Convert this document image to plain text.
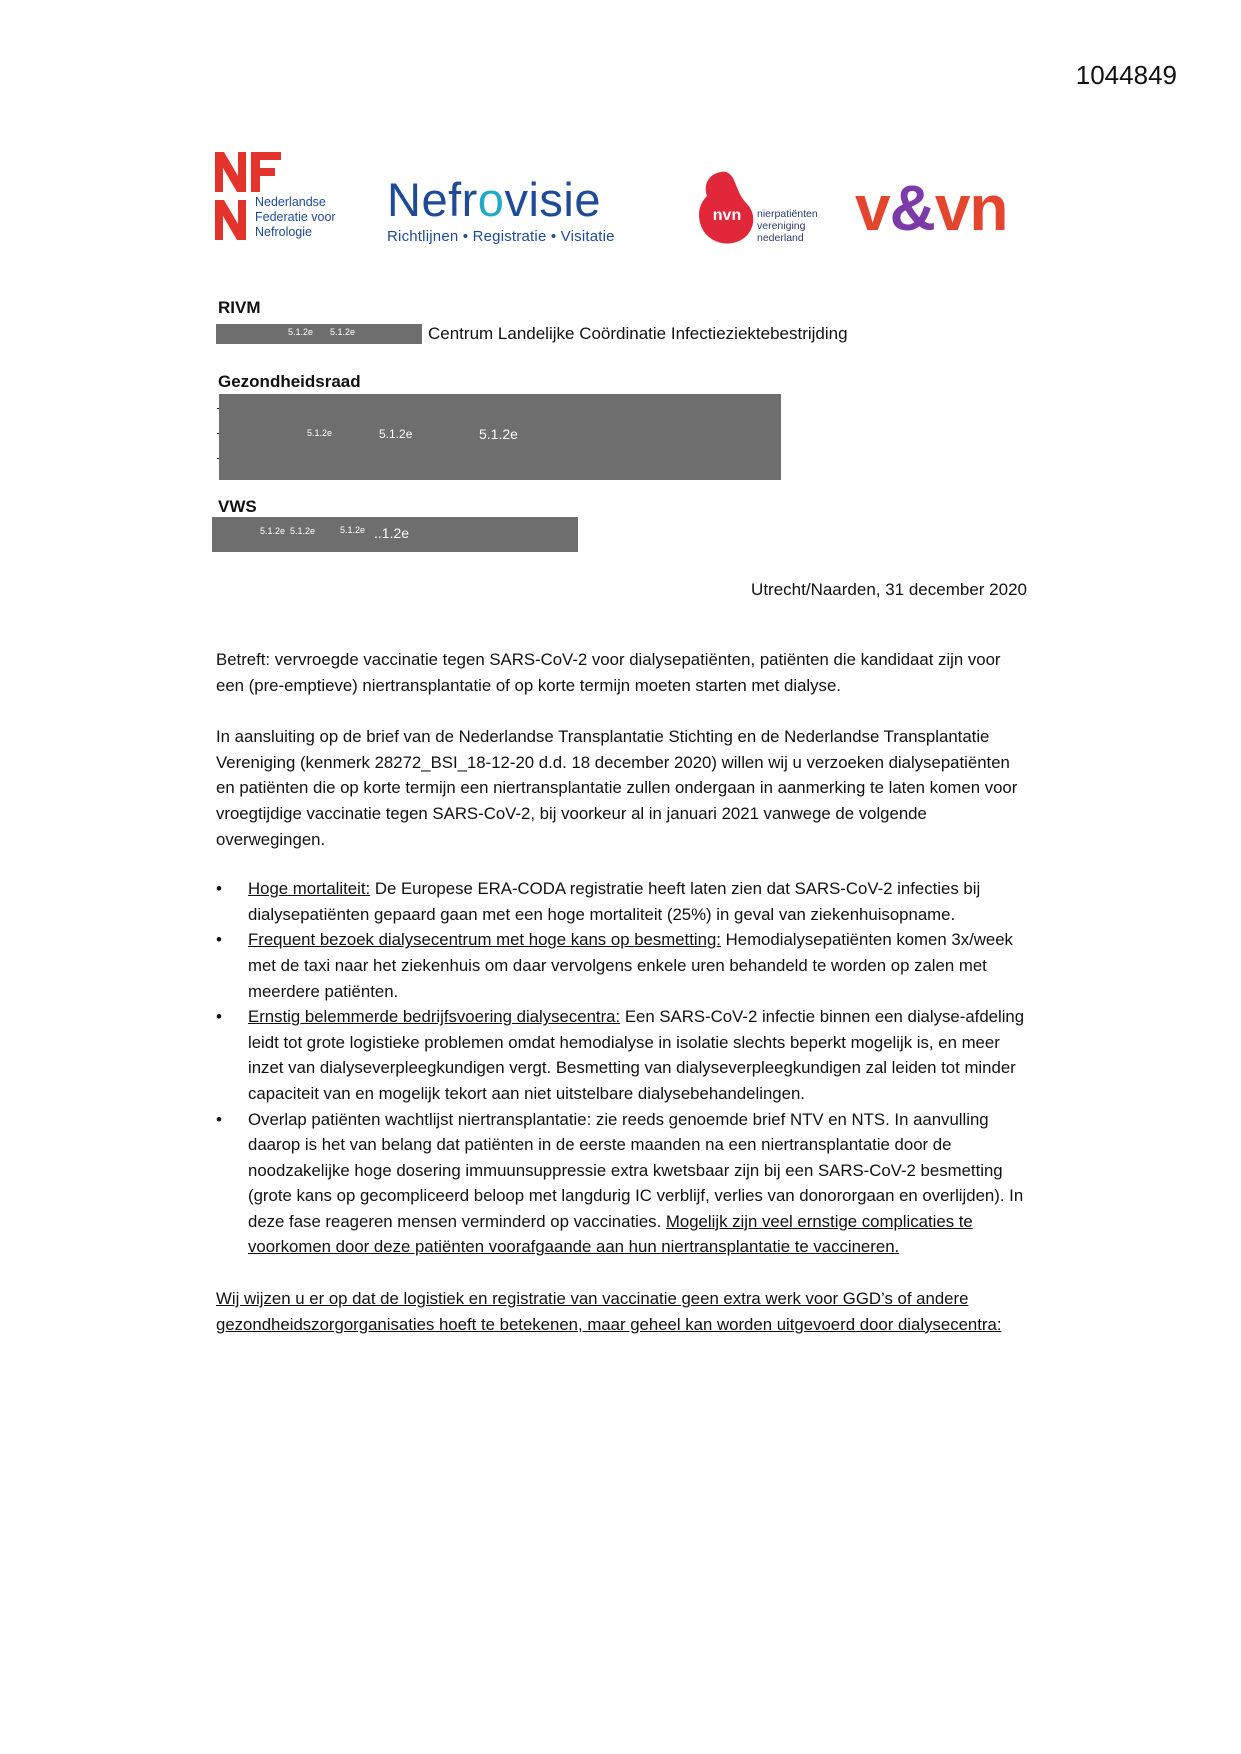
1044849
Nederlandse
Federatie voor
Nefrologie
Nefrovisie
Richtlijnen • Registratie • Visitatie
nvn nierpatiënten
vereniging
nederland v&vn
RIVM
5.1.2e 5.1.2e	Centrum Landelijke Coördinatie Infectieziektebestrijding
Gezondheidsraad
5.1.2e	5.1.2e	5.1.2e
VWS
5.1.2e 5.1.2e	5.1.2e ..1.2e
Utrecht/Naarden, 31 december 2020

Betreft: vervroegde vaccinatie tegen SARS-CoV-2 voor dialysepatiënten, patiënten die kandidaat zijn voor een (pre-emptieve) niertransplantatie of op korte termijn moeten starten met dialyse.

In aansluiting op de brief van de Nederlandse Transplantatie Stichting en de Nederlandse Transplantatie Vereniging (kenmerk 28272_BSI_18-12-20 d.d. 18 december 2020) willen wij u verzoeken dialysepatiënten en patiënten die op korte termijn een niertransplantatie zullen ondergaan in aanmerking te laten komen voor vroegtijdige vaccinatie tegen SARS-CoV-2, bij voorkeur al in januari 2021 vanwege de volgende overwegingen.

• Hoge mortaliteit: De Europese ERA-CODA registratie heeft laten zien dat SARS-CoV-2 infecties bij dialysepatiënten gepaard gaan met een hoge mortaliteit (25%) in geval van ziekenhuisopname.
• Frequent bezoek dialysecentrum met hoge kans op besmetting: Hemodialysepatiënten komen 3x/week met de taxi naar het ziekenhuis om daar vervolgens enkele uren behandeld te worden op zalen met meerdere patiënten.
• Ernstig belemmerde bedrijfsvoering dialysecentra: Een SARS-CoV-2 infectie binnen een dialyse-afdeling leidt tot grote logistieke problemen omdat hemodialyse in isolatie slechts beperkt mogelijk is, en meer inzet van dialyseverpleegkundigen vergt. Besmetting van dialyseverpleegkundigen zal leiden tot minder capaciteit van en mogelijk tekort aan niet uitstelbare dialysebehandelingen.
• Overlap patiënten wachtlijst niertransplantatie: zie reeds genoemde brief NTV en NTS. In aanvulling daarop is het van belang dat patiënten in de eerste maanden na een niertransplantatie door de noodzakelijke hoge dosering immuunsuppressie extra kwetsbaar zijn bij een SARS-CoV-2 besmetting (grote kans op gecompliceerd beloop met langdurig IC verblijf, verlies van donororgaan en overlijden). In deze fase reageren mensen verminderd op vaccinaties. Mogelijk zijn veel ernstige complicaties te voorkomen door deze patiënten voorafgaande aan hun niertransplantatie te vaccineren.

Wij wijzen u er op dat de logistiek en registratie van vaccinatie geen extra werk voor GGD’s of andere gezondheidszorgorganisaties hoeft te betekenen, maar geheel kan worden uitgevoerd door dialysecentra:
